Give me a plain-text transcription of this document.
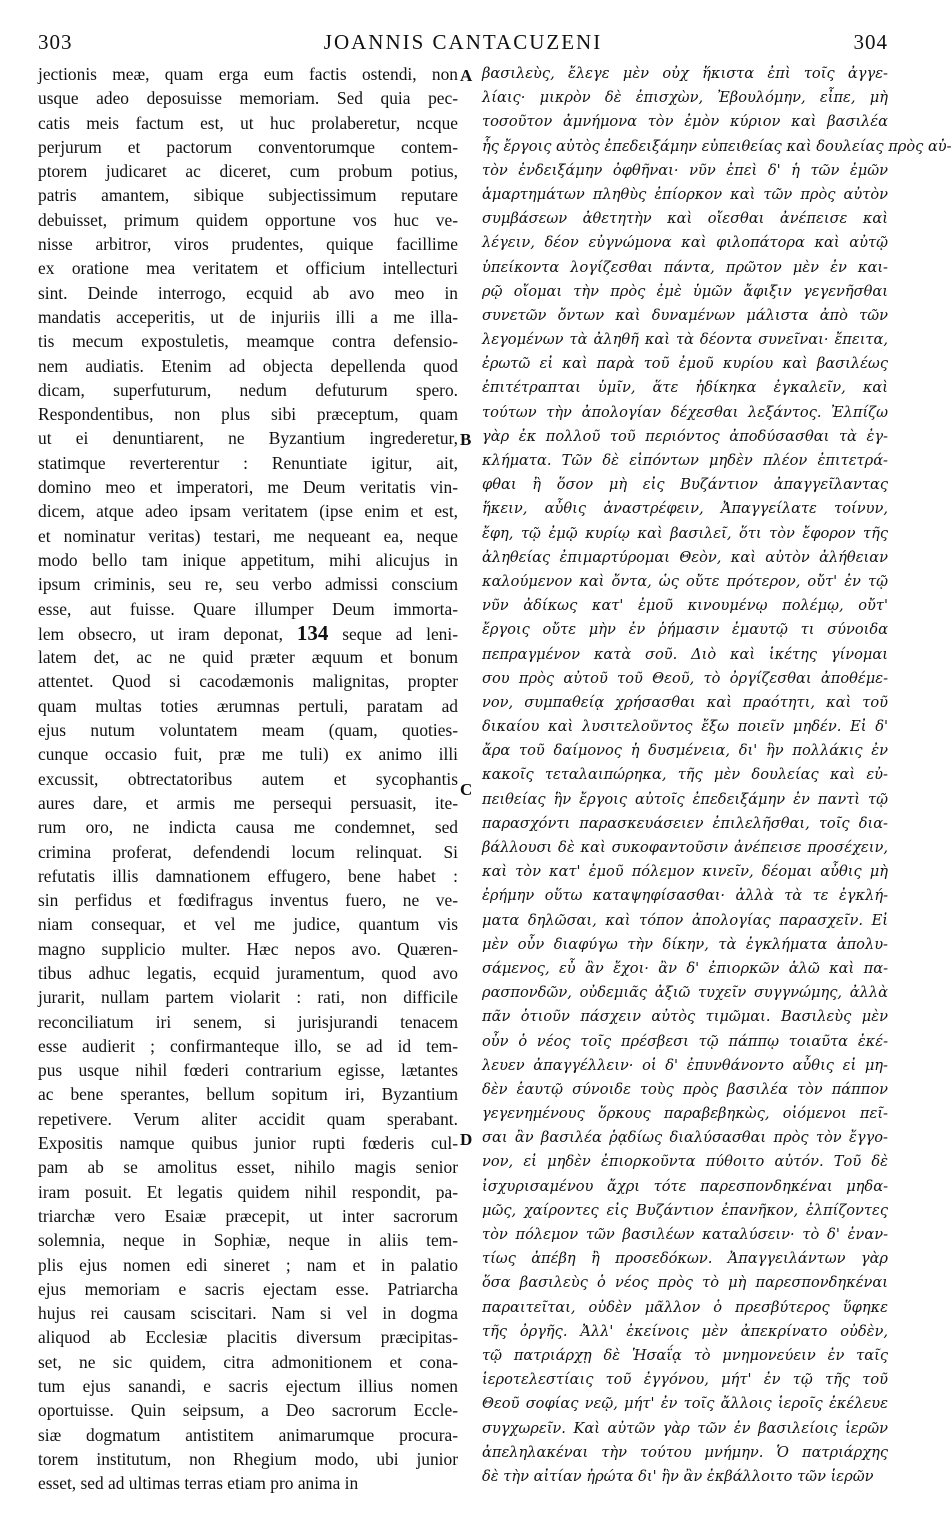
303	JOANNIS CANTACUZENI	304
jectionis meæ, quam erga eum factis ostendi, non
usque adeo deposuisse memoriam. Sed quia pec-
catis meis factum est, ut huc prolaberetur, ncque
perjurum et pactorum conventorumque contem-
ptorem judicaret ac diceret, cum probum potius,
patris amantem, sibique subjectissimum reputare
debuisset, primum quidem opportune vos huc ve-
nisse arbitror, viros prudentes, quique facillime
ex oratione mea veritatem et officium intellecturi
sint. Deinde interrogo, ecquid ab avo meo in
mandatis acceperitis, ut de injuriis illi a me illa-
tis mecum expostuletis, meamque contra defensio-
nem audiatis. Etenim ad objecta depellenda quod
dicam, superfuturum, nedum defuturum spero.
Respondentibus, non plus sibi præceptum, quam
ut ei denuntiarent, ne Byzantium ingrederetur,
statimque reverterentur : Renuntiate igitur, ait,
domino meo et imperatori, me Deum veritatis vin-
dicem, atque adeo ipsam veritatem (ipse enim et est,
et nominatur veritas) testari, me nequeant ea, neque
modo bello tam inique appetitum, mihi alicujus in
ipsum criminis, seu re, seu verbo admissi conscium
esse, aut fuisse. Quare illumper Deum immorta-
lem obsecro, ut iram deponat, 134 seque ad leni-
latem det, ac ne quid præter æquum et bonum
attentet. Quod si cacodæmonis malignitas, propter
quam multas toties ærumnas pertuli, paratam ad
ejus nutum voluntatem meam (quam, quoties-
cunque occasio fuit, præ me tuli) ex animo illi
excussit, obtrectatoribus autem et sycophantis
aures dare, et armis me persequi persuasit, ite-
rum oro, ne indicta causa me condemnet, sed
crimina proferat, defendendi locum relinquat. Si
refutatis illis damnationem effugero, bene habet :
sin perfidus et fœdifragus inventus fuero, ne ve-
niam consequar, et vel me judice, quantum vis
magno supplicio multer. Hæc nepos avo. Quæren-
tibus adhuc legatis, ecquid juramentum, quod avo
jurarit, nullam partem violarit : rati, non difficile
reconciliatum iri senem, si jurisjurandi tenacem
esse audierit ; confirmanteque illo, se ad id tem-
pus usque nihil fœderi contrarium egisse, lætantes
ac bene sperantes, bellum sopitum iri, Byzantium
repetivere. Verum aliter accidit quam sperabant.
Expositis namque quibus junior rupti fœderis cul-
pam ab se amolitus esset, nihilo magis senior
iram posuit. Et legatis quidem nihil respondit, pa-
triarchæ vero Esaiæ præcepit, ut inter sacrorum
solemnia, neque in Sophiæ, neque in aliis tem-
plis ejus nomen edi sineret ; nam et in palatio
ejus memoriam e sacris ejectam esse. Patriarcha
hujus rei causam sciscitari. Nam si vel in dogma
aliquod ab Ecclesiæ placitis diversum præcipitas-
set, ne sic quidem, citra admonitionem et cona-
tum ejus sanandi, e sacris ejectum illius nomen
oportuisse. Quin seipsum, a Deo sacrorum Eccle-
siæ dogmatum antistitem animarumque procura-
torem institutum, non Rhegium modo, ubi junior
esset, sed ad ultimas terras etiam pro anima in
βασιλεὺς, ἔλεγε μὲν οὐχ ἥκιστα ἐπὶ τοῖς ἀγγε-
λίαις· μικρὸν δὲ ἐπισχὼν, Ἐβουλόμην, εἶπε, μὴ
τοσοῦτον ἀμνήμονα τὸν ἐμὸν κύριον καὶ βασιλέα
ἧς ἔργοις αὐτὸς ἐπεδειξάμην εὐπειθείας καὶ δουλείας πρὸς αὐ-
τὸν ἐνδειξάμην ὀφθῆναι· νῦν ἐπεὶ δ' ἡ τῶν ἐμῶν
ἁμαρτημάτων πληθὺς ἐπίορκον καὶ τῶν πρὸς αὐτὸν
συμβάσεων ἀθετητὴν καὶ οἴεσθαι ἀνέπεισε καὶ
λέγειν, δέον εὐγνώμονα καὶ φιλοπάτορα καὶ αὐτῷ
ὑπείκοντα λογίζεσθαι πάντα, πρῶτον μὲν ἐν και-
ρῷ οἴομαι τὴν πρὸς ἐμὲ ὑμῶν ἄφιξιν γεγενῆσθαι
συνετῶν ὄντων καὶ δυναμένων μάλιστα ἀπὸ τῶν
λεγομένων τὰ ἀληθῆ καὶ τὰ δέοντα συνεῖναι· ἔπειτα,
ἐρωτῶ εἰ καὶ παρὰ τοῦ ἐμοῦ κυρίου καὶ βασιλέως
ἐπιτέτραπται ὑμῖν, ἅτε ἠδίκηκα ἐγκαλεῖν, καὶ
τούτων τὴν ἀπολογίαν δέχεσθαι λεξάντος. Ἐλπίζω
γὰρ ἐκ πολλοῦ τοῦ περιόντος ἀποδύσασθαι τὰ ἐγ-
κλήματα. Τῶν δὲ εἰπόντων μηδὲν πλέον ἐπιτετρά-
φθαι ἢ ὅσον μὴ εἰς Βυζάντιον ἀπαγγεῖλαντας
ἥκειν, αὖθις ἀναστρέφειν, Ἀπαγγείλατε τοίνυν,
ἔφη, τῷ ἐμῷ κυρίῳ καὶ βασιλεῖ, ὅτι τὸν ἔφορον τῆς
ἀληθείας ἐπιμαρτύρομαι Θεὸν, καὶ αὐτὸν ἀλήθειαν
καλούμενον καὶ ὄντα, ὡς οὔτε πρότερον, οὔτ' ἐν τῷ
νῦν ἀδίκως κατ' ἐμοῦ κινουμένῳ πολέμῳ, οὔτ'
ἔργοις οὔτε μὴν ἐν ῥήμασιν ἐμαυτῷ τι σύνοιδα
πεπραγμένον κατὰ σοῦ. Διὸ καὶ ἱκέτης γίνομαι
σου πρὸς αὐτοῦ τοῦ Θεοῦ, τὸ ὀργίζεσθαι ἀποθέμε-
νον, συμπαθείᾳ χρήσασθαι καὶ πραότητι, καὶ τοῦ
δικαίου καὶ λυσιτελοῦντος ἔξω ποιεῖν μηδέν. Εἰ δ'
ἄρα τοῦ δαίμονος ἡ δυσμένεια, δι' ἣν πολλάκις ἐν
κακοῖς τεταλαιπώρηκα, τῆς μὲν δουλείας καὶ εὐ-
πειθείας ἣν ἔργοις αὐτοῖς ἐπεδειξάμην ἐν παντὶ τῷ
παρασχόντι παρασκευάσειεν ἐπιλελῆσθαι, τοῖς δια-
βάλλουσι δὲ καὶ συκοφαντοῦσιν ἀνέπεισε προσέχειν,
καὶ τὸν κατ' ἐμοῦ πόλεμον κινεῖν, δέομαι αὖθις μὴ
ἐρήμην οὕτω καταψηφίσασθαι· ἀλλὰ τὰ τε ἐγκλή-
ματα δηλῶσαι, καὶ τόπον ἀπολογίας παρασχεῖν. Εἰ
μὲν οὖν διαφύγω τὴν δίκην, τὰ ἐγκλήματα ἀπολυ-
σάμενος, εὖ ἂν ἔχοι· ἂν δ' ἐπιορκῶν ἁλῶ καὶ πα-
ρασπονδῶν, οὐδεμιᾶς ἀξιῶ τυχεῖν συγγνώμης, ἀλλὰ
πᾶν ὁτιοῦν πάσχειν αὐτὸς τιμῶμαι. Βασιλεὺς μὲν
οὖν ὁ νέος τοῖς πρέσβεσι τῷ πάππῳ τοιαῦτα ἐκέ-
λευεν ἀπαγγέλλειν· οἱ δ' ἐπυνθάνοντο αὖθις εἰ μη-
δὲν ἑαυτῷ σύνοιδε τοὺς πρὸς βασιλέα τὸν πάππον
γεγενημένους ὅρκους παραβεβηκὼς, οἰόμενοι πεῖ-
σαι ἂν βασιλέα ῥᾳδίως διαλύσασθαι πρὸς τὸν ἔγγο-
νον, εἰ μηδὲν ἐπιορκοῦντα πύθοιτο αὐτόν. Τοῦ δὲ
ἰσχυρισαμένου ἄχρι τότε παρεσπονδηκέναι μηδα-
μῶς, χαίροντες εἰς Βυζάντιον ἐπανῆκον, ἐλπίζοντες
τὸν πόλεμον τῶν βασιλέων καταλύσειν· τὸ δ' ἐναν-
τίως ἀπέβη ἢ προσεδόκων. Ἀπαγγειλάντων γὰρ
ὅσα βασιλεὺς ὁ νέος πρὸς τὸ μὴ παρεσπονδηκέναι
παραιτεῖται, οὐδὲν μᾶλλον ὁ πρεσβύτερος ὕφηκε
τῆς ὀργῆς. Ἀλλ' ἐκείνοις μὲν ἀπεκρίνατο οὐδὲν,
τῷ πατριάρχῃ δὲ Ἡσαΐᾳ τὸ μνημονεύειν ἐν ταῖς
ἱεροτελεστίαις τοῦ ἐγγόνου, μήτ' ἐν τῷ τῆς τοῦ
Θεοῦ σοφίας νεῷ, μήτ' ἐν τοῖς ἄλλοις ἱεροῖς ἐκέλευε
συγχωρεῖν. Καὶ αὐτῶν γὰρ τῶν ἐν βασιλείοις ἱερῶν
ἀπεληλακέναι τὴν τούτου μνήμην. Ὁ πατριάρχης
δὲ τὴν αἰτίαν ἠρώτα δι' ἣν ἂν ἐκβάλλοιτο τῶν ἱερῶν
A
B
C
D
